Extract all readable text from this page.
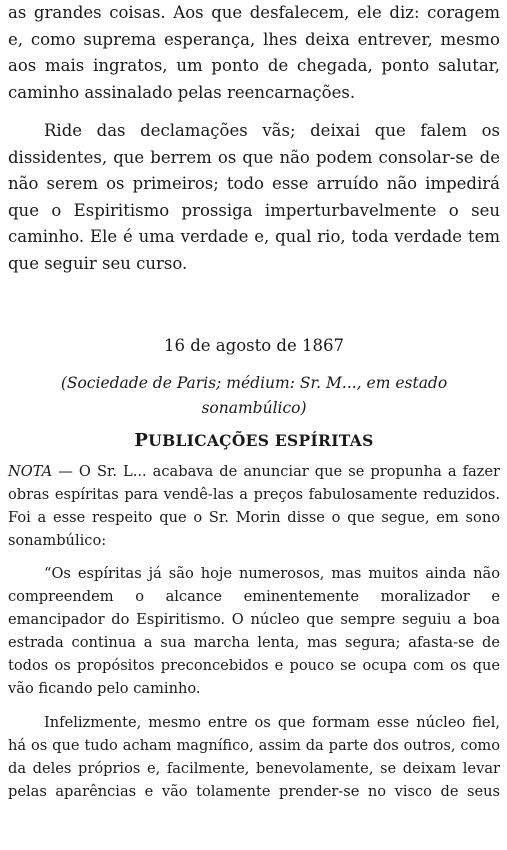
as grandes coisas. Aos que desfalecem, ele diz: coragem e, como suprema esperança, lhes deixa entrever, mesmo aos mais ingratos, um ponto de chegada, ponto salutar, caminho assinalado pelas reencarnações.

Ride das declamações vãs; deixai que falem os dissidentes, que berrem os que não podem consolar-se de não serem os primeiros; todo esse arruído não impedirá que o Espiritismo prossiga imperturbavelmente o seu caminho. Ele é uma verdade e, qual rio, toda verdade tem que seguir seu curso.

16 de agosto de 1867
(Sociedade de Paris; médium: Sr. M..., em estado sonambúlico)
PUBLICAÇÕES ESPÍRITAS

NOTA — O Sr. L... acabava de anunciar que se propunha a fazer obras espíritas para vendê-las a preços fabulosamente reduzidos. Foi a esse respeito que o Sr. Morin disse o que segue, em sono sonambúlico:

“Os espíritas já são hoje numerosos, mas muitos ainda não compreendem o alcance eminentemente moralizador e emancipador do Espiritismo. O núcleo que sempre seguiu a boa estrada continua a sua marcha lenta, mas segura; afasta-se de todos os propósitos preconcebidos e pouco se ocupa com os que vão ficando pelo caminho.

Infelizmente, mesmo entre os que formam esse núcleo fiel, há os que tudo acham magnífico, assim da parte dos outros, como da deles próprios e, facilmente, benevolamente, se deixam levar pelas aparências e vão tolamente prender-se no visco de seus
